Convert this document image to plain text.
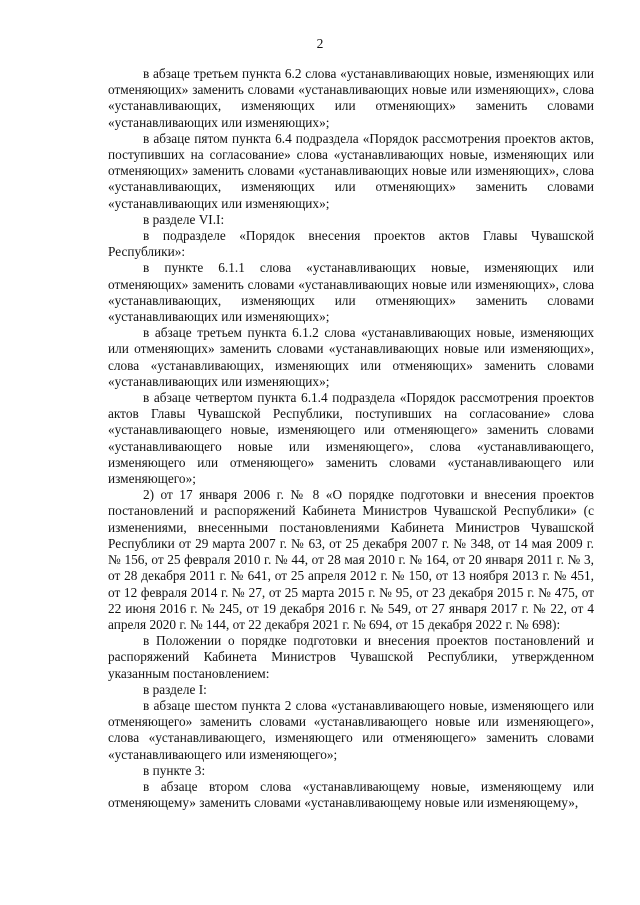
2

в абзаце третьем пункта 6.2 слова «устанавливающих новые, изменяющих или отменяющих» заменить словами «устанавливающих новые или изменяющих», слова «устанавливающих, изменяющих или отменяющих» заменить словами «устанавливающих или изменяющих»;

в абзаце пятом пункта 6.4 подраздела «Порядок рассмотрения проектов актов, поступивших на согласование» слова «устанавливающих новые, изменяющих или отменяющих» заменить словами «устанавливающих новые или изменяющих», слова «устанавливающих, изменяющих или отменяющих» заменить словами «устанавливающих или изменяющих»;

в разделе VI.I:

в подразделе «Порядок внесения проектов актов Главы Чувашской Республики»:

в пункте 6.1.1 слова «устанавливающих новые, изменяющих или отменяющих» заменить словами «устанавливающих новые или изменяющих», слова «устанавливающих, изменяющих или отменяющих» заменить словами «устанавливающих или изменяющих»;

в абзаце третьем пункта 6.1.2 слова «устанавливающих новые, изменяющих или отменяющих» заменить словами «устанавливающих новые или изменяющих», слова «устанавливающих, изменяющих или отменяющих» заменить словами «устанавливающих или изменяющих»;

в абзаце четвертом пункта 6.1.4 подраздела «Порядок рассмотрения проектов актов Главы Чувашской Республики, поступивших на согласование» слова «устанавливающего новые, изменяющего или отменяющего» заменить словами «устанавливающего новые или изменяющего», слова «устанавливающего, изменяющего или отменяющего» заменить словами «устанавливающего или изменяющего»;

2) от 17 января 2006 г. № 8 «О порядке подготовки и внесения проектов постановлений и распоряжений Кабинета Министров Чувашской Республики» (с изменениями, внесенными постановлениями Кабинета Министров Чувашской Республики от 29 марта 2007 г. № 63, от 25 декабря 2007 г. № 348, от 14 мая 2009 г. № 156, от 25 февраля 2010 г. № 44, от 28 мая 2010 г. № 164, от 20 января 2011 г. № 3, от 28 декабря 2011 г. № 641, от 25 апреля 2012 г. № 150, от 13 ноября 2013 г. № 451, от 12 февраля 2014 г. № 27, от 25 марта 2015 г. № 95, от 23 декабря 2015 г. № 475, от 22 июня 2016 г. № 245, от 19 декабря 2016 г. № 549, от 27 января 2017 г. № 22, от 4 апреля 2020 г. № 144, от 22 декабря 2021 г. № 694, от 15 декабря 2022 г. № 698):

в Положении о порядке подготовки и внесения проектов постановлений и распоряжений Кабинета Министров Чувашской Республики, утвержденном указанным постановлением:

в разделе I:

в абзаце шестом пункта 2 слова «устанавливающего новые, изменяющего или отменяющего» заменить словами «устанавливающего новые или изменяющего», слова «устанавливающего, изменяющего или отменяющего» заменить словами «устанавливающего или изменяющего»;

в пункте 3:

в абзаце втором слова «устанавливающему новые, изменяющему или отменяющему» заменить словами «устанавливающему новые или изменяющему»,
